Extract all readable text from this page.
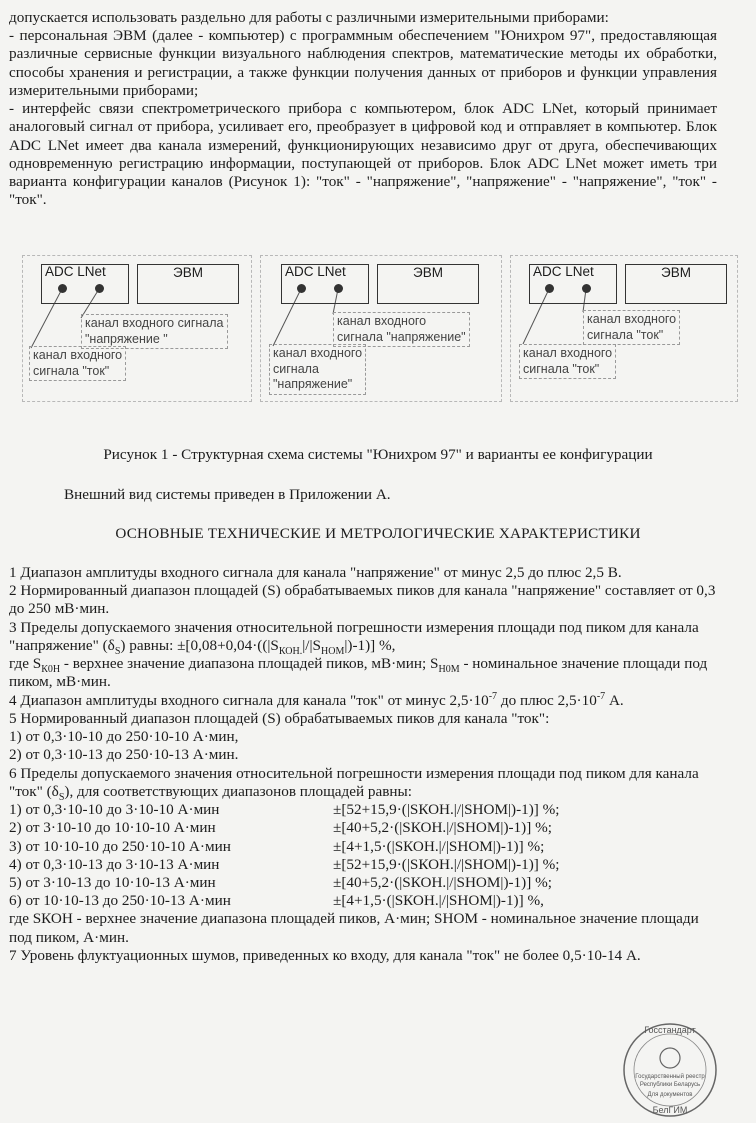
допускается использовать раздельно для работы с различными измерительными приборами:

- персональная ЭВМ (далее - компьютер) с программным обеспечением "Юнихром 97", предоставляющая различные сервисные функции визуального наблюдения спектров, математические методы их обработки, способы хранения и регистрации, а также функции получения данных от приборов и функции управления измерительными приборами;

- интерфейс связи спектрометрического прибора с компьютером, блок ADC LNet, который принимает аналоговый сигнал от прибора, усиливает его, преобразует в цифровой код и отправляет в компьютер. Блок ADC LNet имеет два канала измерений, функционирующих независимо друг от друга, обеспечивающих одновременную регистрацию информации, поступающей от приборов. Блок ADC LNet может иметь три варианта конфигурации каналов (Рисунок 1): "ток" - "напряжение", "напряжение" - "напряжение", "ток" - "ток".

ADC LNet	ЭВМ
канал входного сигнала
"напряжение "
канал входного
сигнала "ток"
ADC LNet	ЭВМ
канал входного
сигнала "напряжение"
канал входного
сигнала
"напряжение"
ADC LNet	ЭВМ
канал входного
сигнала "ток"
канал входного
сигнала "ток"
Рисунок 1 - Структурная схема системы "Юнихром 97" и варианты ее конфигурации
Внешний вид системы приведен в Приложении А.
ОСНОВНЫЕ ТЕХНИЧЕСКИЕ И МЕТРОЛОГИЧЕСКИЕ ХАРАКТЕРИСТИКИ

1 Диапазон амплитуды входного сигнала для канала "напряжение" от минус 2,5 до плюс 2,5 В.

2 Нормированный диапазон площадей (S) обрабатываемых пиков для канала "напряжение" составляет от 0,3 до 250 мВ·мин.

3 Пределы допускаемого значения относительной погрешности измерения площади под пиком для канала "напряжение" $(\delta_S)$ равны: $\pm[0,08+0,04\cdot((|S_{КОН.}|/|S_{НОМ}|)-1)]$ %,

где $S_{К0Н}$ - верхнее значение диапазона площадей пиков, мВ·мин; $S_{Н0М}$ - номинальное значение площади под пиком, мВ·мин.

4 Диапазон амплитуды входного сигнала для канала "ток" от минус $2,5\cdot 10^{-7}$ до плюс $2,5\cdot 10^{-7}$ А.

5 Нормированный диапазон площадей (S) обрабатываемых пиков для канала "ток":

1) от 0,3·10-10 до 250·10-10 А·мин,

2) от 0,3·10-13 до 250·10-13 А·мин.

6 Пределы допускаемого значения относительной погрешности измерения площади под пиком для канала "ток" $(\delta_S)$, для соответствующих диапазонов площадей равны:

1) от 0,3·10-10 до 3·10-10 А·мин	±[52+15,9·(|SКОН.|/|SНОМ|)-1)] %;
2) от 3·10-10 до 10·10-10 А·мин	±[40+5,2·(|SКОН.|/|SНОМ|)-1)] %;
3) от 10·10-10 до 250·10-10 А·мин	±[4+1,5·(|SКОН.|/|SНОМ|)-1)] %;
4) от 0,3·10-13 до 3·10-13 А·мин	±[52+15,9·(|SКОН.|/|SНОМ|)-1)] %;
5) от 3·10-13 до 10·10-13 А·мин	±[40+5,2·(|SКОН.|/|SНОМ|)-1)] %;
6) от 10·10-13 до 250·10-13 А·мин	±[4+1,5·(|SКОН.|/|SНОМ|)-1)] %,

где SКОН - верхнее значение диапазона площадей пиков, А·мин; SНОМ - номинальное значение площади под пиком, А·мин.

7 Уровень флуктуационных шумов, приведенных ко входу, для канала "ток" не более 0,5·10-14 А.

Госстандарт
Государственный реестр
Республики Беларусь
Для документов
БелГИМ
